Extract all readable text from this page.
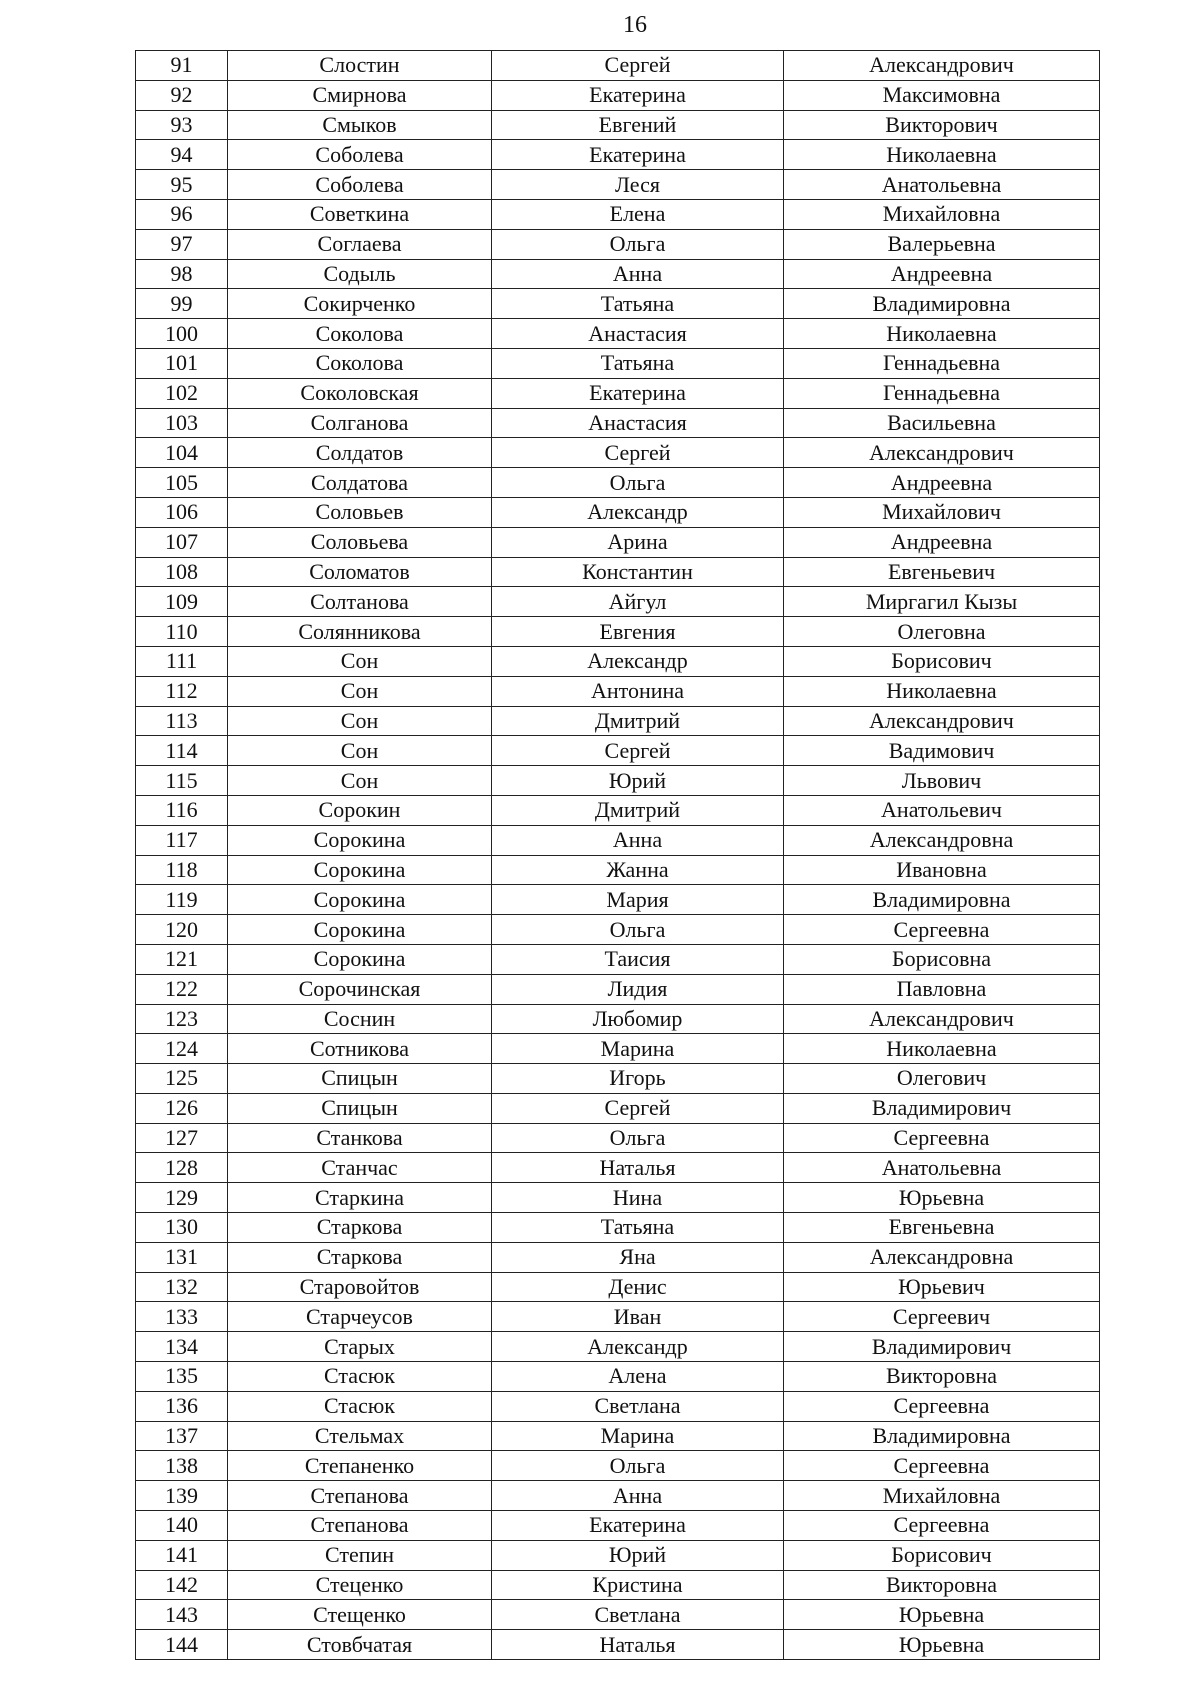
16
91	Слостин	Сергей	Александрович
92	Смирнова	Екатерина	Максимовна
93	Смыков	Евгений	Викторович
94	Соболева	Екатерина	Николаевна
95	Соболева	Леся	Анатольевна
96	Советкина	Елена	Михайловна
97	Соглаева	Ольга	Валерьевна
98	Содыль	Анна	Андреевна
99	Сокирченко	Татьяна	Владимировна
100	Соколова	Анастасия	Николаевна
101	Соколова	Татьяна	Геннадьевна
102	Соколовская	Екатерина	Геннадьевна
103	Солганова	Анастасия	Васильевна
104	Солдатов	Сергей	Александрович
105	Солдатова	Ольга	Андреевна
106	Соловьев	Александр	Михайлович
107	Соловьева	Арина	Андреевна
108	Соломатов	Константин	Евгеньевич
109	Солтанова	Айгул	Миргагил Кызы
110	Солянникова	Евгения	Олеговна
111	Сон	Александр	Борисович
112	Сон	Антонина	Николаевна
113	Сон	Дмитрий	Александрович
114	Сон	Сергей	Вадимович
115	Сон	Юрий	Львович
116	Сорокин	Дмитрий	Анатольевич
117	Сорокина	Анна	Александровна
118	Сорокина	Жанна	Ивановна
119	Сорокина	Мария	Владимировна
120	Сорокина	Ольга	Сергеевна
121	Сорокина	Таисия	Борисовна
122	Сорочинская	Лидия	Павловна
123	Соснин	Любомир	Александрович
124	Сотникова	Марина	Николаевна
125	Спицын	Игорь	Олегович
126	Спицын	Сергей	Владимирович
127	Станкова	Ольга	Сергеевна
128	Станчас	Наталья	Анатольевна
129	Старкина	Нина	Юрьевна
130	Старкова	Татьяна	Евгеньевна
131	Старкова	Яна	Александровна
132	Старовойтов	Денис	Юрьевич
133	Старчеусов	Иван	Сергеевич
134	Старых	Александр	Владимирович
135	Стасюк	Алена	Викторовна
136	Стасюк	Светлана	Сергеевна
137	Стельмах	Марина	Владимировна
138	Степаненко	Ольга	Сергеевна
139	Степанова	Анна	Михайловна
140	Степанова	Екатерина	Сергеевна
141	Степин	Юрий	Борисович
142	Стеценко	Кристина	Викторовна
143	Стещенко	Светлана	Юрьевна
144	Стовбчатая	Наталья	Юрьевна
